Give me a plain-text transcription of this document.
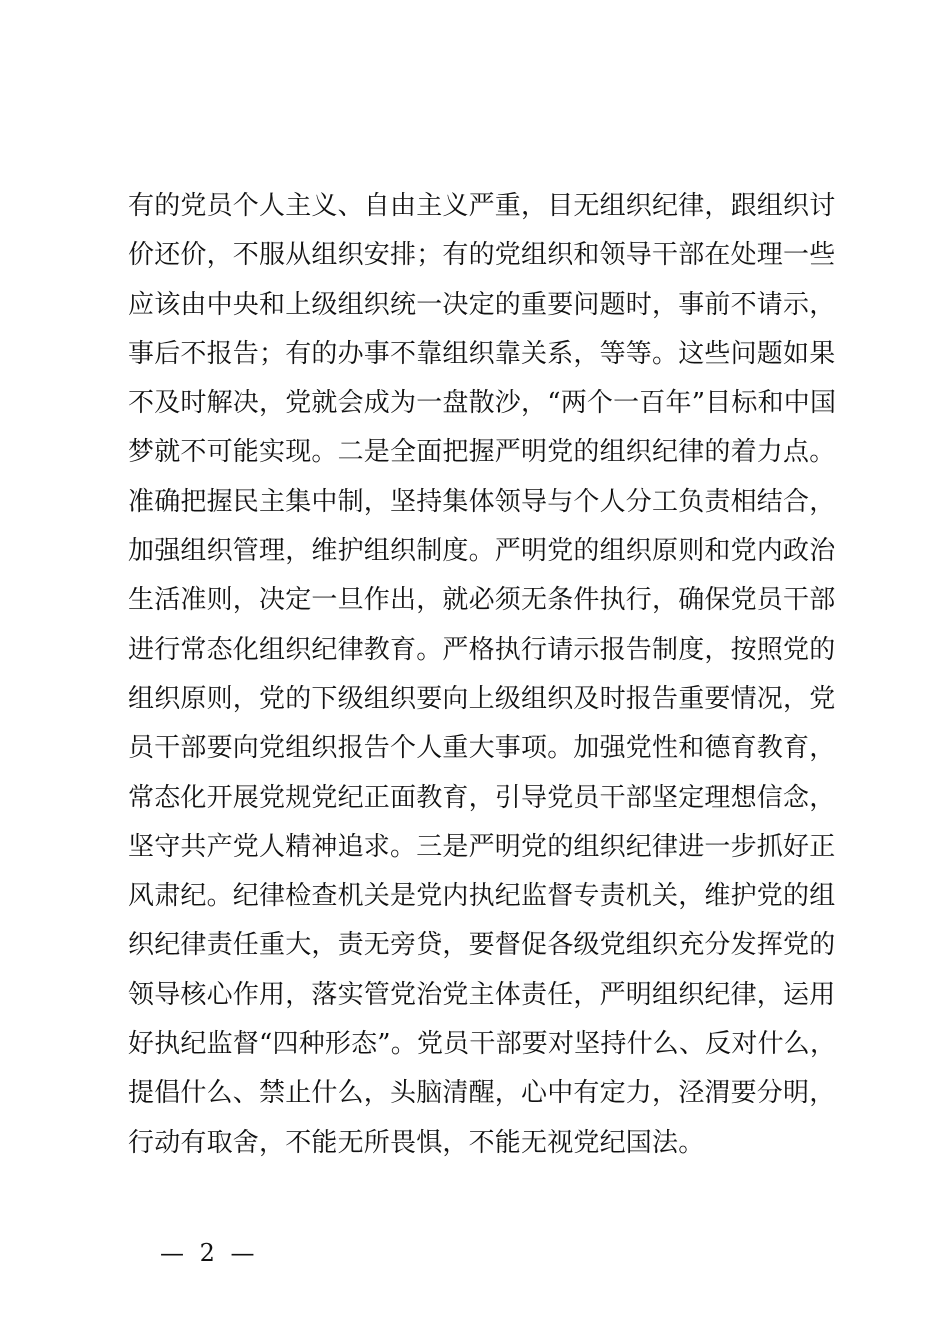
有的党员个人主义、自由主义严重，目无组织纪律，跟组织讨
价还价，不服从组织安排；有的党组织和领导干部在处理一些
应该由中央和上级组织统一决定的重要问题时，事前不请示，
事后不报告；有的办事不靠组织靠关系，等等。这些问题如果
不及时解决，党就会成为一盘散沙，“两个一百年”目标和中国
梦就不可能实现。二是全面把握严明党的组织纪律的着力点。
准确把握民主集中制，坚持集体领导与个人分工负责相结合，
加强组织管理，维护组织制度。严明党的组织原则和党内政治
生活准则，决定一旦作出，就必须无条件执行，确保党员干部
进行常态化组织纪律教育。严格执行请示报告制度，按照党的
组织原则，党的下级组织要向上级组织及时报告重要情况，党
员干部要向党组织报告个人重大事项。加强党性和德育教育，
常态化开展党规党纪正面教育，引导党员干部坚定理想信念，
坚守共产党人精神追求。三是严明党的组织纪律进一步抓好正
风肃纪。纪律检查机关是党内执纪监督专责机关，维护党的组
织纪律责任重大，责无旁贷，要督促各级党组织充分发挥党的
领导核心作用，落实管党治党主体责任，严明组织纪律，运用
好执纪监督“四种形态”。党员干部要对坚持什么、反对什么，
提倡什么、禁止什么，头脑清醒，心中有定力，泾渭要分明，
行动有取舍，不能无所畏惧，不能无视党纪国法。
— 2 —
